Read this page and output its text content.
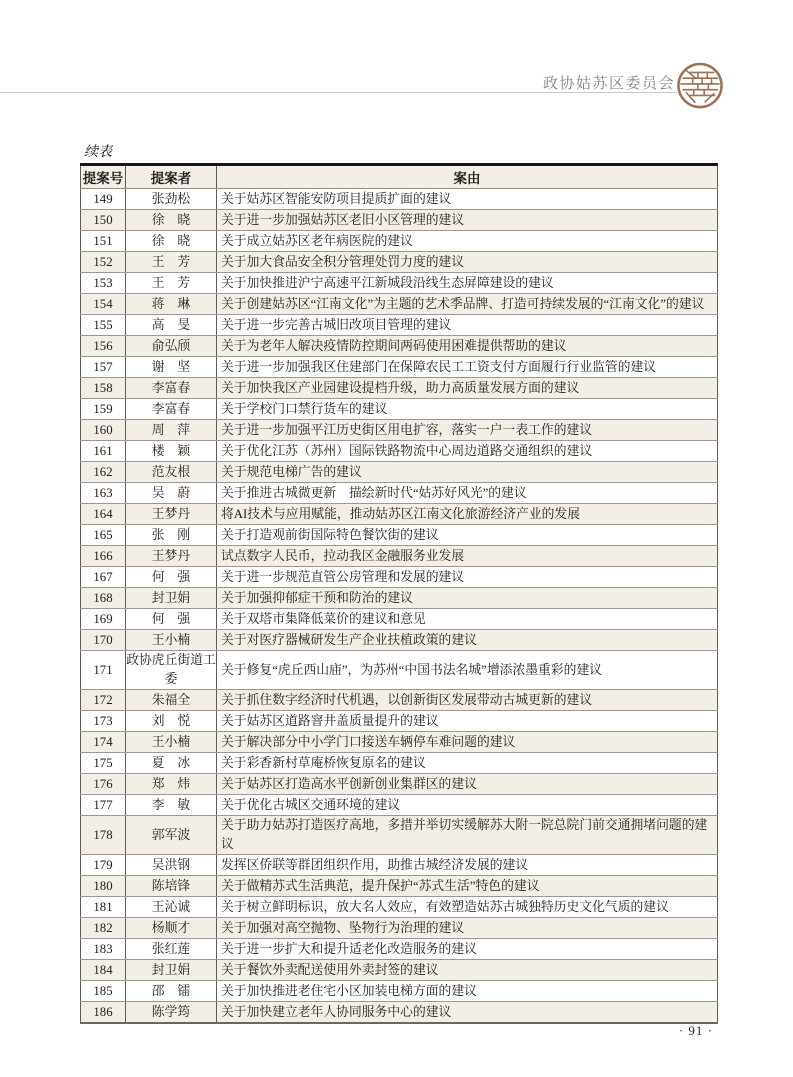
政协姑苏区委员会
续表
提案号	提案者	案由
149	张劲松	关于姑苏区智能安防项目提质扩面的建议
150	徐　晓	关于进一步加强姑苏区老旧小区管理的建议
151	徐　晓	关于成立姑苏区老年病医院的建议
152	王　芳	关于加大食品安全积分管理处罚力度的建议
153	王　芳	关于加快推进沪宁高速平江新城段沿线生态屏障建设的建议
154	蒋　琳	关于创建姑苏区“江南文化”为主题的艺术季品牌、打造可持续发展的“江南文化”的建议
155	高　旻	关于进一步完善古城旧改项目管理的建议
156	俞弘颀	关于为老年人解决疫情防控期间两码使用困难提供帮助的建议
157	谢　坚	关于进一步加强我区住建部门在保障农民工工资支付方面履行行业监管的建议
158	李富春	关于加快我区产业园建设提档升级，助力高质量发展方面的建议
159	李富春	关于学校门口禁行货车的建议
160	周　萍	关于进一步加强平江历史街区用电扩容，落实一户一表工作的建议
161	楼　颖	关于优化江苏（苏州）国际铁路物流中心周边道路交通组织的建议
162	范友根	关于规范电梯广告的建议
163	吴　蔚	关于推进古城微更新　描绘新时代“姑苏好风光”的建议
164	王梦丹	将AI技术与应用赋能，推动姑苏区江南文化旅游经济产业的发展
165	张　刚	关于打造观前街国际特色餐饮街的建议
166	王梦丹	试点数字人民币，拉动我区金融服务业发展
167	何　强	关于进一步规范直管公房管理和发展的建议
168	封卫娟	关于加强抑郁症干预和防治的建议
169	何　强	关于双塔市集降低菜价的建议和意见
170	王小楠	关于对医疗器械研发生产企业扶植政策的建议
171	政协虎丘街道工委	关于修复“虎丘西山庙”，为苏州“中国书法名城”增添浓墨重彩的建议
172	朱福全	关于抓住数字经济时代机遇，以创新街区发展带动古城更新的建议
173	刘　悦	关于姑苏区道路窨井盖质量提升的建议
174	王小楠	关于解决部分中小学门口接送车辆停车难问题的建议
175	夏　冰	关于彩香新村草庵桥恢复原名的建议
176	郑　炜	关于姑苏区打造高水平创新创业集群区的建议
177	李　敏	关于优化古城区交通环境的建议
178	郭军波	关于助力姑苏打造医疗高地，多措并举切实缓解苏大附一院总院门前交通拥堵问题的建议
179	吴洪钢	发挥区侨联等群团组织作用，助推古城经济发展的建议
180	陈培锋	关于做精苏式生活典范，提升保护“苏式生活”特色的建议
181	王沁诚	关于树立鲜明标识，放大名人效应，有效塑造姑苏古城独特历史文化气质的建议
182	杨顺才	关于加强对高空抛物、坠物行为治理的建议
183	张红莲	关于进一步扩大和提升适老化改造服务的建议
184	封卫娟	关于餐饮外卖配送使用外卖封签的建议
185	邵　镭	关于加快推进老住宅小区加装电梯方面的建议
186	陈学筠	关于加快建立老年人协同服务中心的建议
· 91 ·
